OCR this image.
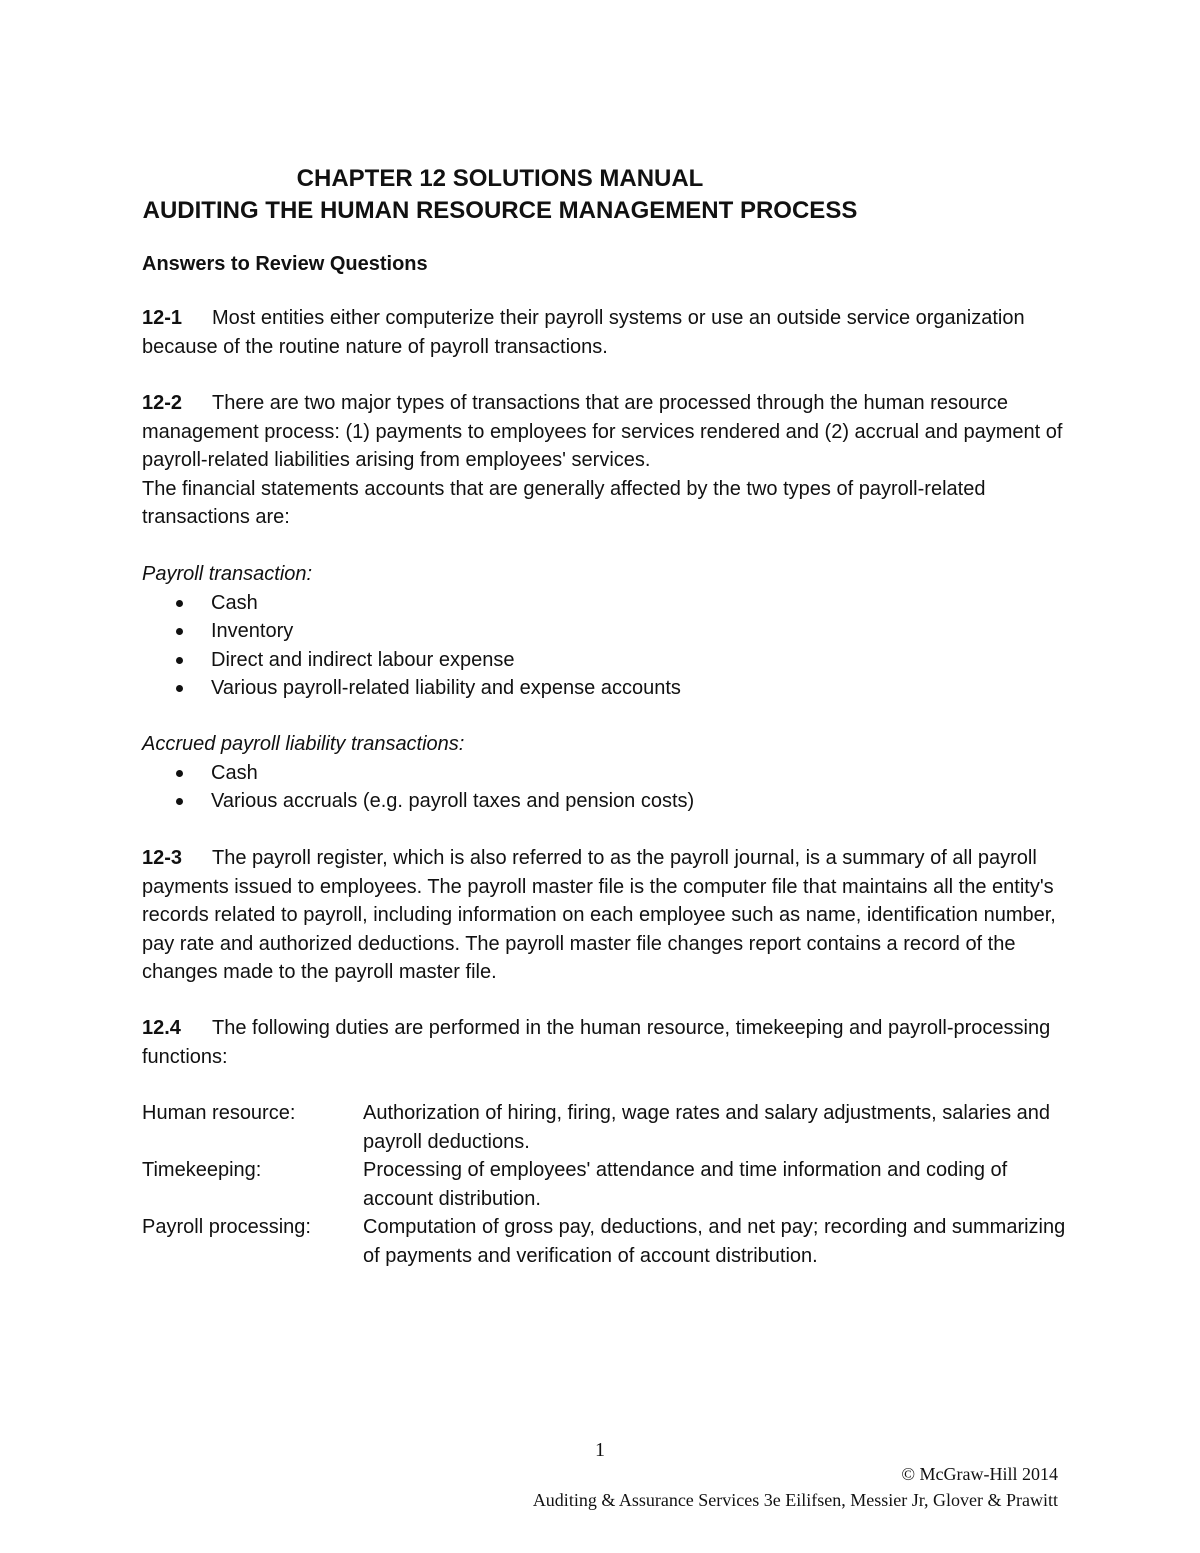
CHAPTER 12 SOLUTIONS MANUAL
AUDITING THE HUMAN RESOURCE MANAGEMENT PROCESS
Answers to Review Questions

12-1 Most entities either computerize their payroll systems or use an outside service organization because of the routine nature of payroll transactions.

12-2 There are two major types of transactions that are processed through the human resource management process: (1) payments to employees for services rendered and (2) accrual and payment of payroll-related liabilities arising from employees' services.
The financial statements accounts that are generally affected by the two types of payroll-related transactions are:

Payroll transaction:
Cash
Inventory
Direct and indirect labour expense
Various payroll-related liability and expense accounts
Accrued payroll liability transactions:
Cash
Various accruals (e.g. payroll taxes and pension costs)

12-3 The payroll register, which is also referred to as the payroll journal, is a summary of all payroll payments issued to employees. The payroll master file is the computer file that maintains all the entity's records related to payroll, including information on each employee such as name, identification number, pay rate and authorized deductions. The payroll master file changes report contains a record of the changes made to the payroll master file.

12.4 The following duties are performed in the human resource, timekeeping and payroll-processing functions:

Human resource:	Authorization of hiring, firing, wage rates and salary adjustments, salaries and payroll deductions.
Timekeeping:	Processing of employees' attendance and time information and coding of account distribution.
Payroll processing:	Computation of gross pay, deductions, and net pay; recording and summarizing of payments and verification of account distribution.
1
© McGraw-Hill 2014
Auditing & Assurance Services 3e Eilifsen, Messier Jr, Glover & Prawitt
